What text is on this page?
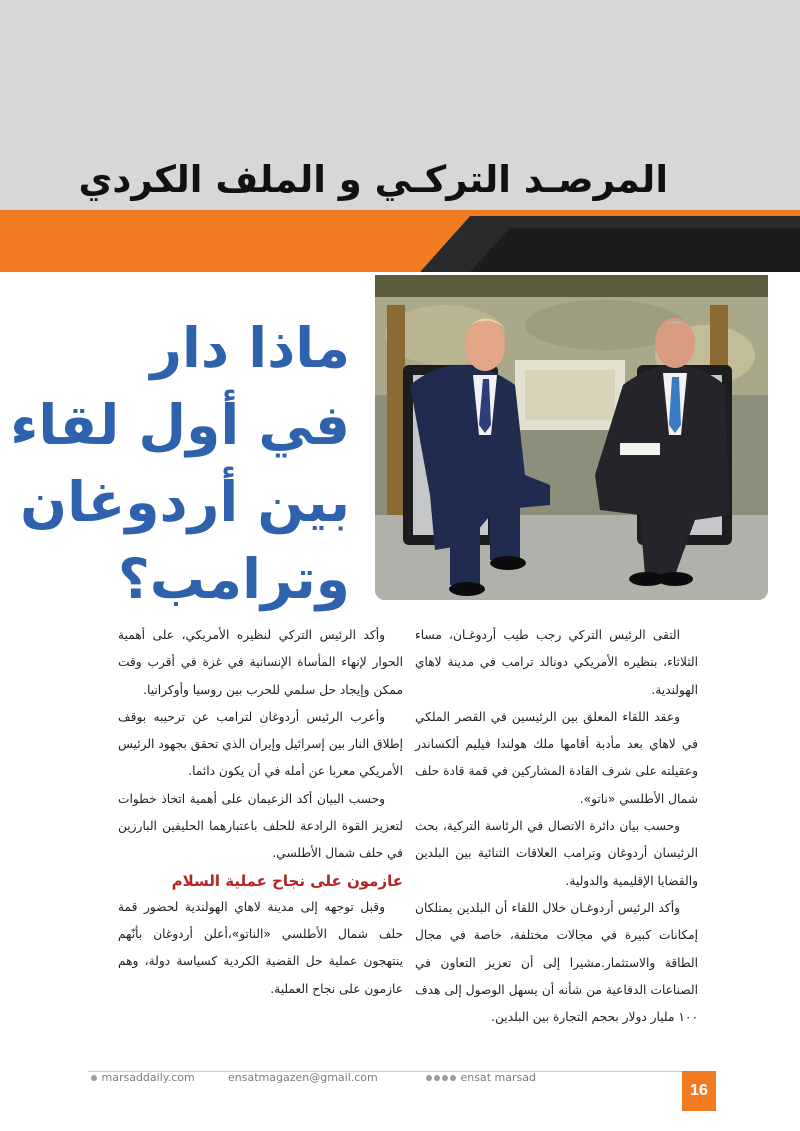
المرصـد التركـي و الملف الكردي
ماذا دار
في أول لقاء
بين أردوغان
وترامب؟

التقى الرئيس التركي رجب طيب أردوغـان، مساء الثلاثاء، بنظيره الأمريكي دونالد ترامب في مدينة لاهاي الهولندية.

وعقد اللقاء المعلق بين الرئيسين في القصر الملكي في لاهاي بعد مأدبة أقامها ملك هولندا فيليم ألكساندر وعقيلته على شرف القادة المشاركين في قمة قادة حلف شمال الأطلسي «ناتو».

وحسب بيان دائرة الاتصال في الرئاسة التركية، بحث الرئيسان أردوغان وترامب العلاقات الثنائية بين البلدين والقضايا الإقليمية والدولية.

وأكد الرئيس أردوغـان خلال اللقاء أن البلدين يمتلكان إمكانات كبيرة في مجالات مختلفة، خاصة في مجال الطاقة والاستثمار.مشيرا إلى أن تعزيز التعاون في الصناعات الدفاعية من شأنه أن يسهل الوصول إلى هدف ١٠٠ مليار دولار بحجم التجارة بين البلدين.

وأكد الرئيس التركي لنظيره الأمريكي، على أهمية الحوار لإنهاء المأساة الإنسانية في غزة في أقرب وقت ممكن وإيجاد حل سلمي للحرب بين روسيا وأوكرانيا.

وأعرب الرئيس أردوغان لترامب عن ترحيبه بوقف إطلاق النار بين إسرائيل وإيران الذي تحقق بجهود الرئيس الأمريكي معربا عن أمله في أن يكون دائما.

وحسب البيان أكد الزعيمان على أهمية اتخاذ خطوات لتعزيز القوة الرادعة للحلف باعتبارهما الحليفين البارزين في حلف شمال الأطلسي.

عازمون على نجاح عملية السلام

وقبل توجهه إلى مدينة لاهاي الهولندية لحضور قمة حلف شمال الأطلسي «الناتو»،أعلن أردوغان بأنّهم ينتهجون عملية حل القضية الكردية كسياسة دولة، وهم عازمون على نجاح العملية.

marsaddaily.com	ensatmagazen@gmail.com	ensat marsad
16
